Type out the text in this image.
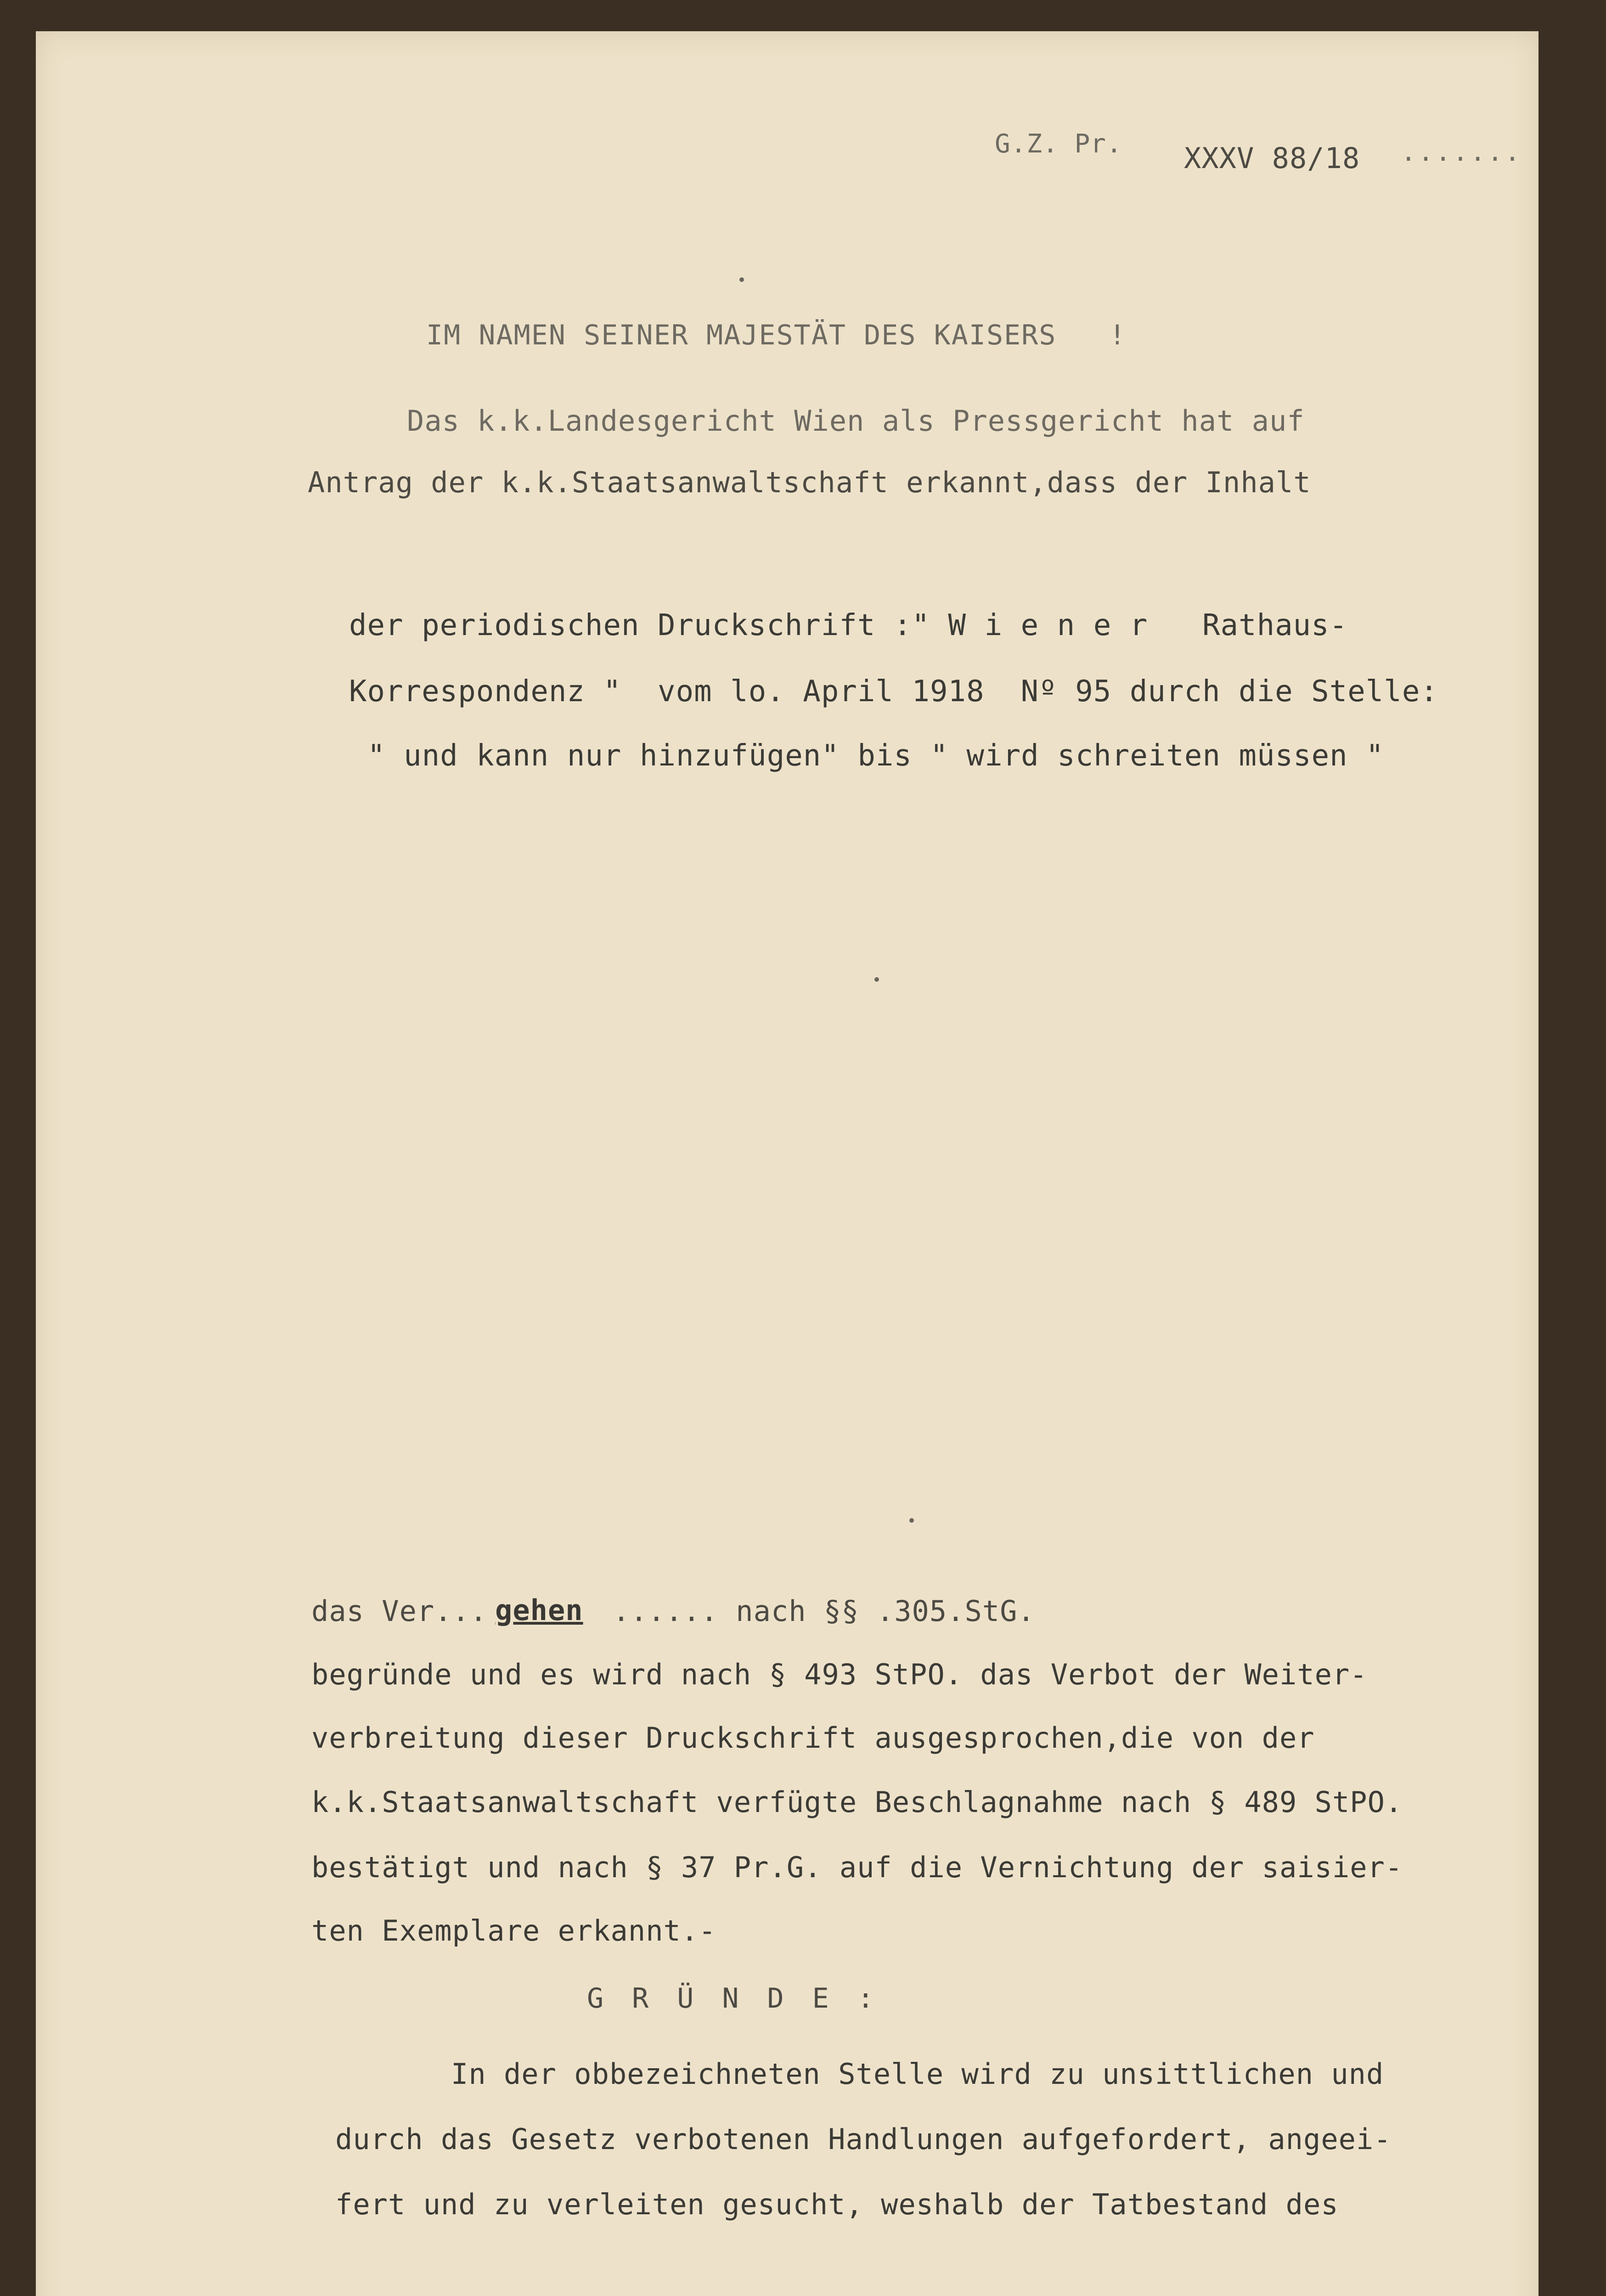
G.Z. Pr. XXXV 88/18 .......
IM NAMEN SEINER MAJESTÄT DES KAISERS   !
Das k.k.Landesgericht Wien als Pressgericht hat auf
Antrag der k.k.Staatsanwaltschaft erkannt,dass der Inhalt
der periodischen Druckschrift :" W i e n e r   Rathaus-
Korrespondenz "  vom lo. April 1918  Nº 95 durch die Stelle:
" und kann nur hinzufügen" bis " wird schreiten müssen "
das Ver... gehen ...... nach §§ .305.StG.
begründe und es wird nach § 493 StPO. das Verbot der Weiter-
verbreitung dieser Druckschrift ausgesprochen,die von der
k.k.Staatsanwaltschaft verfügte Beschlagnahme nach § 489 StPO.
bestätigt und nach § 37 Pr.G. auf die Vernichtung der saisier-
ten Exemplare erkannt.-
GRÜNDE:
In der obbezeichneten Stelle wird zu unsittlichen und
durch das Gesetz verbotenen Handlungen aufgefordert, angeei-
fert und zu verleiten gesucht, weshalb der Tatbestand des
